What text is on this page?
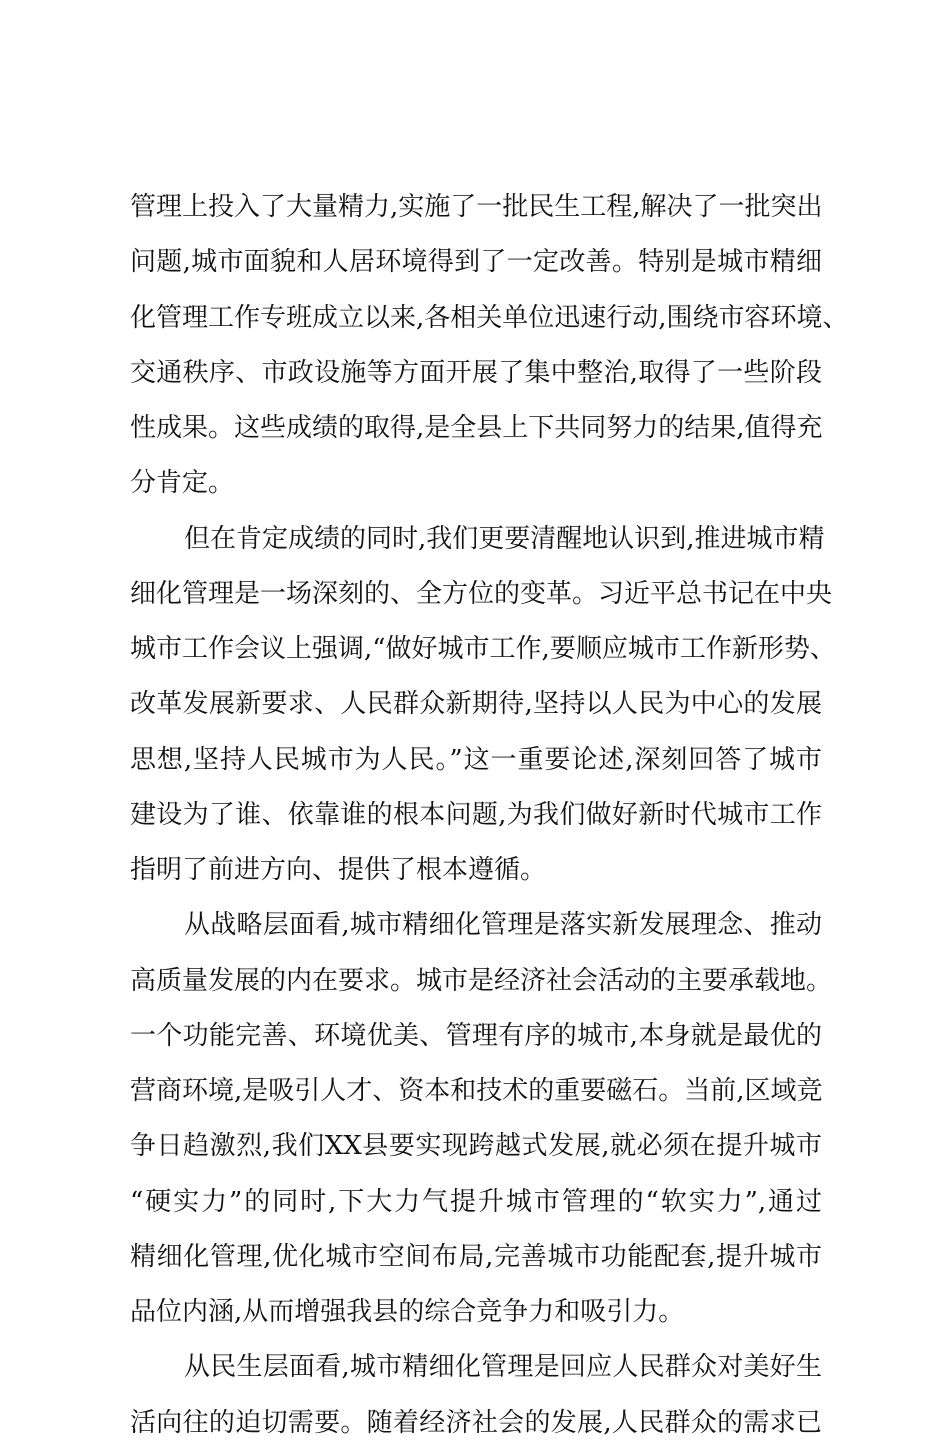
管理上投入了大量精力,实施了一批民生工程,解决了一批突出
问题,城市面貌和人居环境得到了一定改善。特别是城市精细
化管理工作专班成立以来,各相关单位迅速行动,围绕市容环境、
交通秩序、市政设施等方面开展了集中整治,取得了一些阶段
性成果。这些成绩的取得,是全县上下共同努力的结果,值得充
分肯定。
但在肯定成绩的同时,我们更要清醒地认识到,推进城市精
细化管理是一场深刻的、全方位的变革。习近平总书记在中央
城市工作会议上强调,“做好城市工作,要顺应城市工作新形势、
改革发展新要求、人民群众新期待,坚持以人民为中心的发展
思想,坚持人民城市为人民。”这一重要论述,深刻回答了城市
建设为了谁、依靠谁的根本问题,为我们做好新时代城市工作
指明了前进方向、提供了根本遵循。
从战略层面看,城市精细化管理是落实新发展理念、推动
高质量发展的内在要求。城市是经济社会活动的主要承载地。
一个功能完善、环境优美、管理有序的城市,本身就是最优的
营商环境,是吸引人才、资本和技术的重要磁石。当前,区域竞
争日趋激烈,我们XX县要实现跨越式发展,就必须在提升城市
“硬实力”的同时,下大力气提升城市管理的“软实力”,通过
精细化管理,优化城市空间布局,完善城市功能配套,提升城市
品位内涵,从而增强我县的综合竞争力和吸引力。
从民生层面看,城市精细化管理是回应人民群众对美好生
活向往的迫切需要。随着经济社会的发展,人民群众的需求已
